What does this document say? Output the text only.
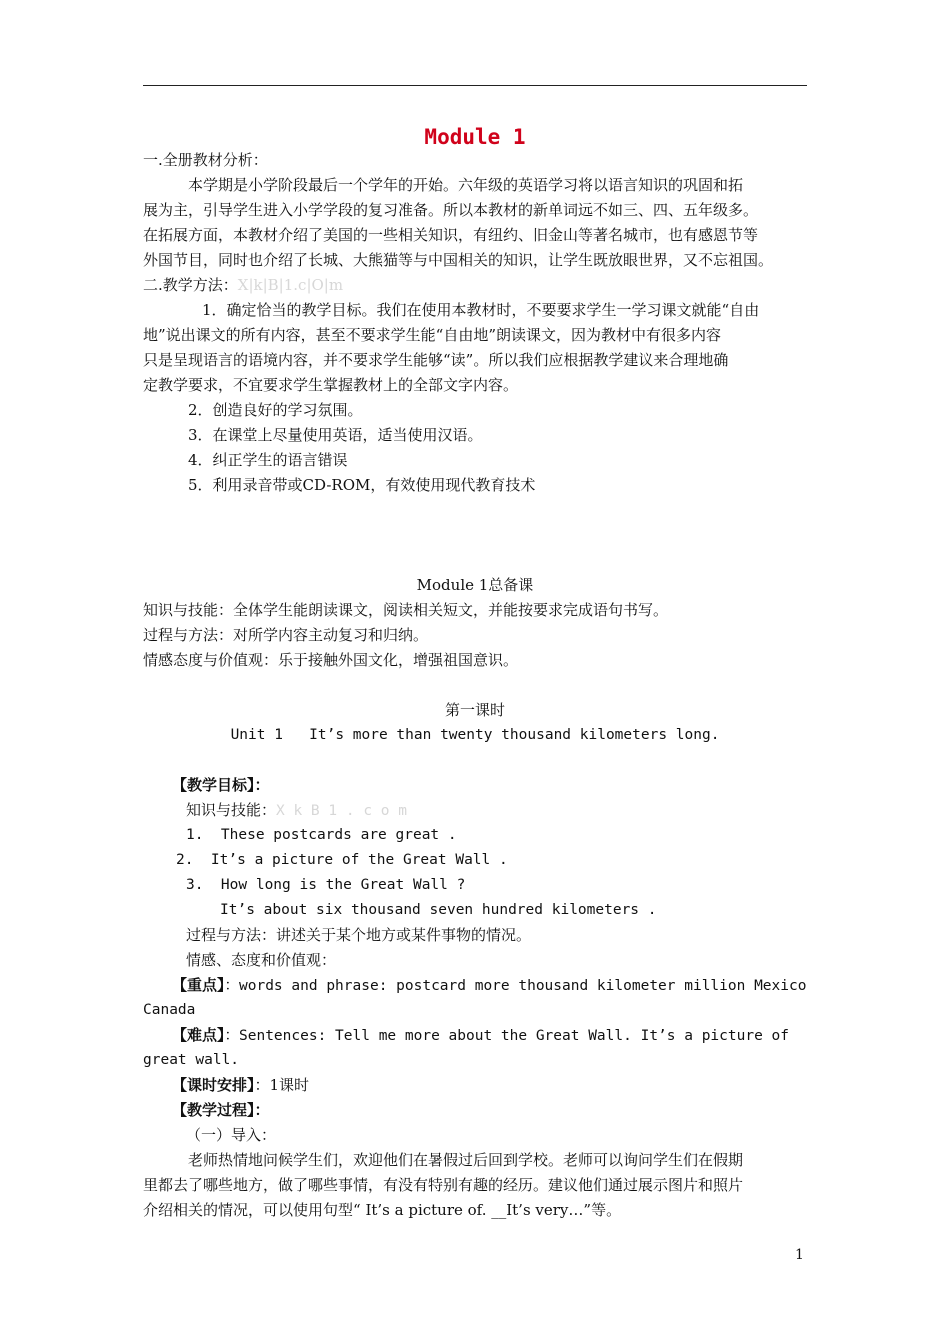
Module 1
一.全册教材分析：
本学期是小学阶段最后一个学年的开始。六年级的英语学习将以语言知识的巩固和拓
展为主，引导学生进入小学学段的复习准备。所以本教材的新单词远不如三、四、五年级多。
在拓展方面，本教材介绍了美国的一些相关知识，有纽约、旧金山等著名城市，也有感恩节等
外国节目，同时也介绍了长城、大熊猫等与中国相关的知识，让学生既放眼世界，又不忘祖国。
二.教学方法：X|k|B|1.c|O|m
1．确定恰当的教学目标。我们在使用本教材时，不要要求学生一学习课文就能“自由
地”说出课文的所有内容，甚至不要求学生能“自由地”朗读课文，因为教材中有很多内容
只是呈现语言的语境内容，并不要求学生能够“读”。所以我们应根据教学建议来合理地确
定教学要求，不宜要求学生掌握教材上的全部文字内容。
2．创造良好的学习氛围。
3．在课堂上尽量使用英语，适当使用汉语。
4．纠正学生的语言错误
5．利用录音带或CD-ROM，有效使用现代教育技术
Module 1总备课
知识与技能：全体学生能朗读课文，阅读相关短文，并能按要求完成语句书写。
过程与方法：对所学内容主动复习和归纳。
情感态度与价值观：乐于接触外国文化，增强祖国意识。
第一课时
Unit 1   It’s more than twenty thousand kilometers long.
【教学目标】：
知识与技能：X k B 1 . c o m
1.  These postcards are great .
2.  It’s a picture of the Great Wall .
3.  How long is the Great Wall ?
It’s about six thousand seven hundred kilometers .
过程与方法：讲述关于某个地方或某件事物的情况。
情感、态度和价值观：
【重点】：words and phrase: postcard more thousand kilometer million Mexico
Canada
【难点】：Sentences: Tell me more about the Great Wall. It’s a picture of
great wall.
【课时安排】：1课时
【教学过程】：
（一）导入：
老师热情地问候学生们，欢迎他们在暑假过后回到学校。老师可以询问学生们在假期
里都去了哪些地方，做了哪些事情，有没有特别有趣的经历。建议他们通过展示图片和照片
介绍相关的情况，可以使用句型“ It’s a picture of. __It’s very…”等。
1
